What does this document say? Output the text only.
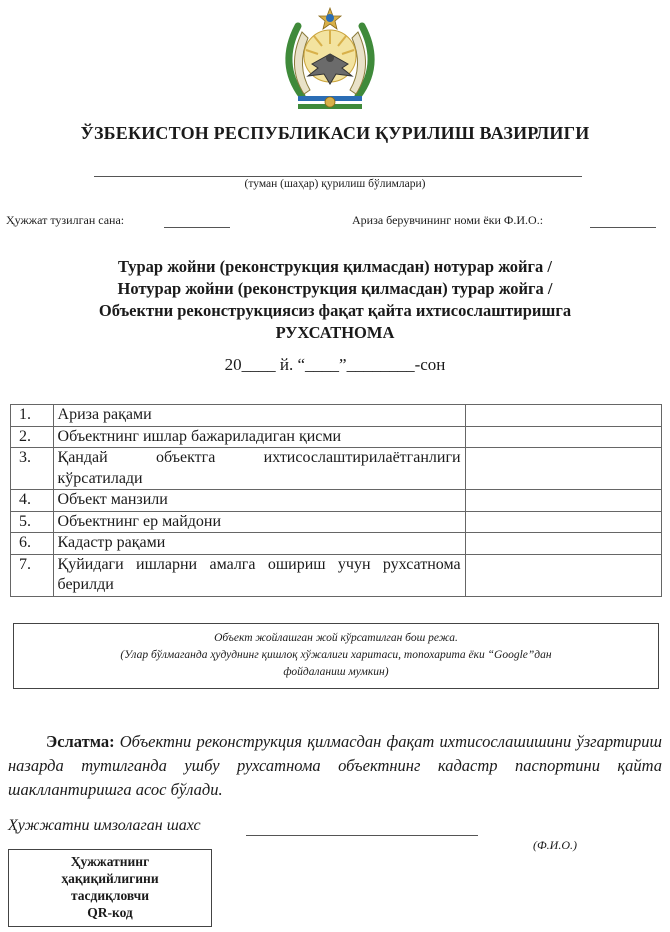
ЎЗБЕКИСТОН РЕСПУБЛИКАСИ ҚУРИЛИШ ВАЗИРЛИГИ
(туман (шаҳар) қурилиш бўлимлари)
Ҳужжат тузилган сана:	Ариза берувчининг номи ёки Ф.И.О.:
Турар жойни (реконструкция қилмасдан) нотурар жойга /
Нотурар жойни (реконструкция қилмасдан) турар жойга /
Объектни реконструкциясиз фақат қайта ихтисослаштиришга
РУХСАТНОМА
20____ й. “____”________-сон
1.	Ариза рақами	
2.	Объектнинг ишлар бажариладиган қисми	
3.	Қандай объектга ихтисослаштирилаётганлиги кўрсатилади	
4.	Объект манзили	
5.	Объектнинг ер майдони	
6.	Кадастр рақами	
7.	Қуйидаги ишларни амалга ошириш учун рухсатнома берилди	
Объект жойлашган жой кўрсатилган бош режа.
(Улар бўлмаганда ҳудуднинг қишлоқ хўжалиги харитаси, топохарита ёки “Google”дан
фойдаланиш мумкин)
Эслатма: Объектни реконструкция қилмасдан фақат ихтисослашишини ўзгартириш назарда тутилганда ушбу рухсатнома объектнинг кадастр паспортини қайта шакллантиришга асос бўлади.
Ҳужжатни имзолаган шахс
(Ф.И.О.)
Ҳужжатнинг
ҳақиқийлигини
тасдиқловчи
QR-код
